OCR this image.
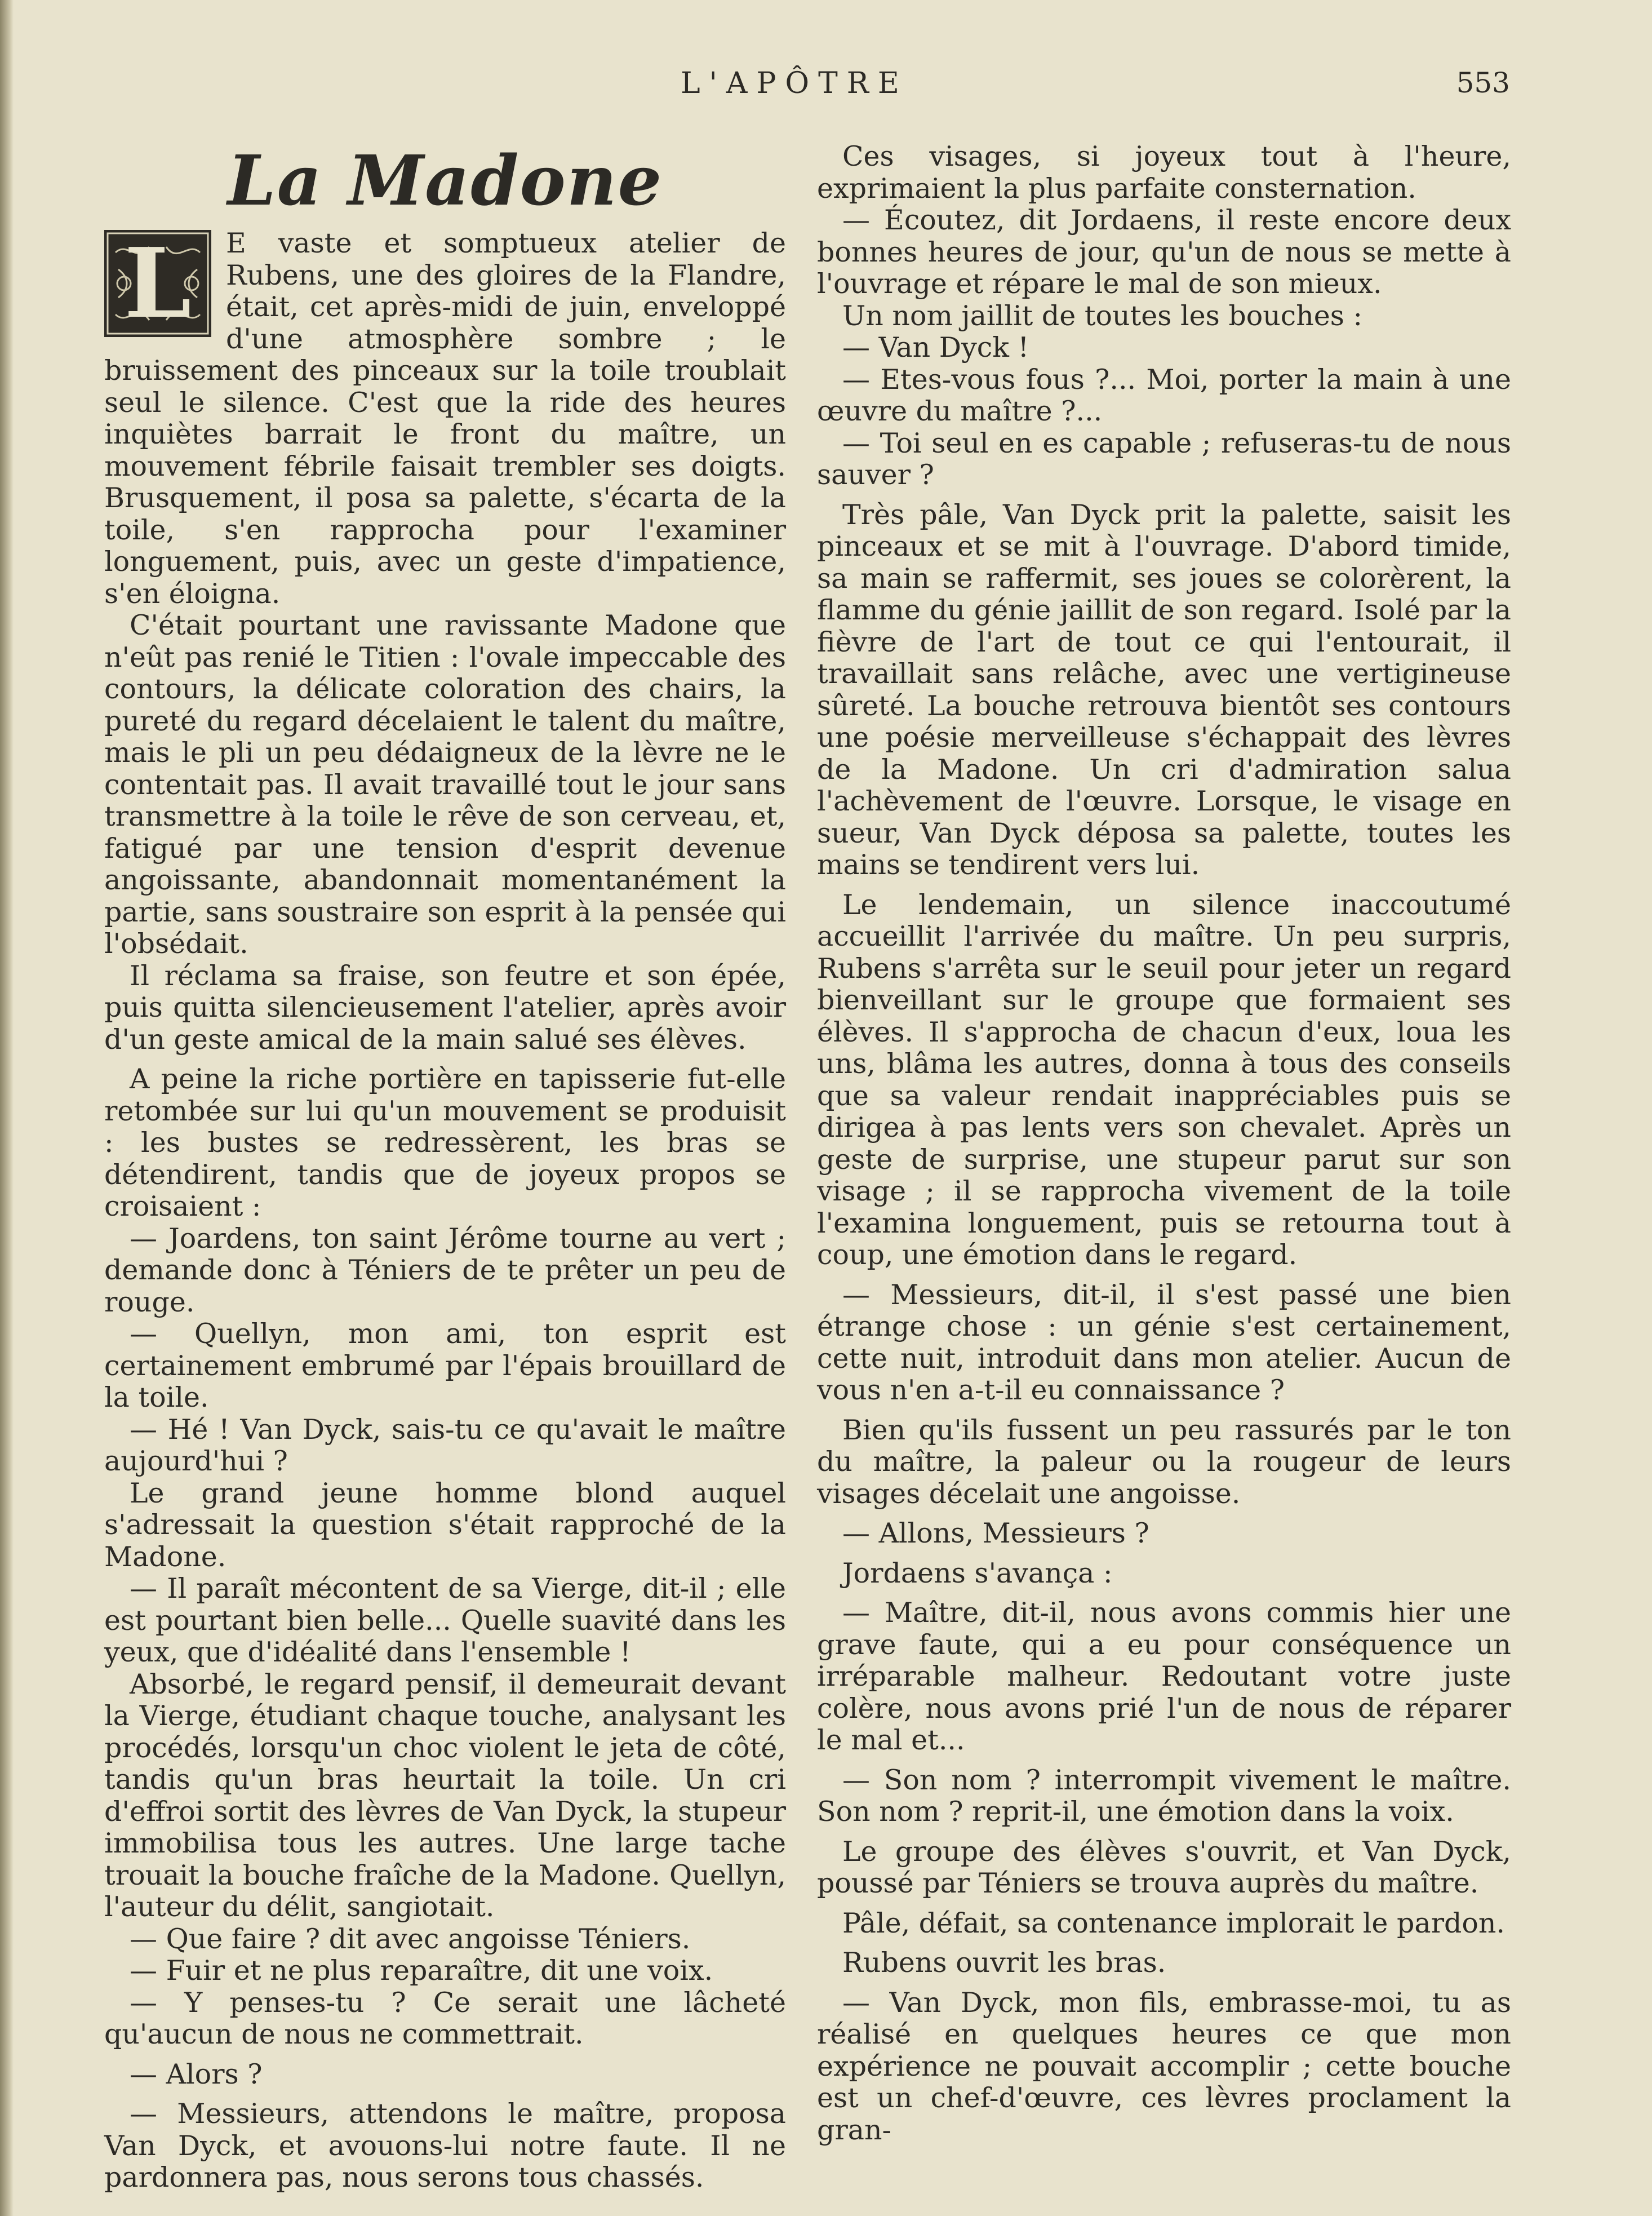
L'APÔTRE	553
La Madone

L E vaste et somptueux atelier de Rubens, une des gloires de la Flandre, était, cet après-midi de juin, enveloppé d'une atmosphère sombre ; le bruissement des pinceaux sur la toile troublait seul le silence. C'est que la ride des heures inquiètes barrait le front du maître, un mouvement fébrile faisait trembler ses doigts. Brusquement, il posa sa palette, s'écarta de la toile, s'en rapprocha pour l'examiner longuement, puis, avec un geste d'impatience, s'en éloigna.

C'était pourtant une ravissante Madone que n'eût pas renié le Titien : l'ovale impeccable des contours, la délicate coloration des chairs, la pureté du regard décelaient le talent du maître, mais le pli un peu dédaigneux de la lèvre ne le contentait pas. Il avait travaillé tout le jour sans transmettre à la toile le rêve de son cerveau, et, fatigué par une tension d'esprit devenue angoissante, abandonnait momentanément la partie, sans soustraire son esprit à la pensée qui l'obsédait.

Il réclama sa fraise, son feutre et son épée, puis quitta silencieusement l'atelier, après avoir d'un geste amical de la main salué ses élèves.

A peine la riche portière en tapisserie fut-elle retombée sur lui qu'un mouvement se produisit : les bustes se redressèrent, les bras se détendirent, tandis que de joyeux propos se croisaient :

— Joardens, ton saint Jérôme tourne au vert ; demande donc à Téniers de te prêter un peu de rouge.

— Quellyn, mon ami, ton esprit est certainement embrumé par l'épais brouillard de la toile.

— Hé ! Van Dyck, sais-tu ce qu'avait le maître aujourd'hui ?

Le grand jeune homme blond auquel s'adressait la question s'était rapproché de la Madone.

— Il paraît mécontent de sa Vierge, dit-il ; elle est pourtant bien belle... Quelle suavité dans les yeux, que d'idéalité dans l'ensemble !

Absorbé, le regard pensif, il demeurait devant la Vierge, étudiant chaque touche, analysant les procédés, lorsqu'un choc violent le jeta de côté, tandis qu'un bras heurtait la toile. Un cri d'effroi sortit des lèvres de Van Dyck, la stupeur immobilisa tous les autres. Une large tache trouait la bouche fraîche de la Madone. Quellyn, l'auteur du délit, sangiotait.

— Que faire ? dit avec angoisse Téniers.

— Fuir et ne plus reparaître, dit une voix.

— Y penses-tu ? Ce serait une lâcheté qu'aucun de nous ne commettrait.

— Alors ?

— Messieurs, attendons le maître, proposa Van Dyck, et avouons-lui notre faute. Il ne pardonnera pas, nous serons tous chassés.

Ces visages, si joyeux tout à l'heure, exprimaient la plus parfaite consternation.

— Écoutez, dit Jordaens, il reste encore deux bonnes heures de jour, qu'un de nous se mette à l'ouvrage et répare le mal de son mieux.

Un nom jaillit de toutes les bouches :

— Van Dyck !

— Etes-vous fous ?... Moi, porter la main à une œuvre du maître ?...

— Toi seul en es capable ; refuseras-tu de nous sauver ?

Très pâle, Van Dyck prit la palette, saisit les pinceaux et se mit à l'ouvrage. D'abord timide, sa main se raffermit, ses joues se colorèrent, la flamme du génie jaillit de son regard. Isolé par la fièvre de l'art de tout ce qui l'entourait, il travaillait sans relâche, avec une vertigineuse sûreté. La bouche retrouva bientôt ses contours une poésie merveilleuse s'échappait des lèvres de la Madone. Un cri d'admiration salua l'achèvement de l'œuvre. Lorsque, le visage en sueur, Van Dyck déposa sa palette, toutes les mains se tendirent vers lui.

Le lendemain, un silence inaccoutumé accueillit l'arrivée du maître. Un peu surpris, Rubens s'arrêta sur le seuil pour jeter un regard bienveillant sur le groupe que formaient ses élèves. Il s'approcha de chacun d'eux, loua les uns, blâma les autres, donna à tous des conseils que sa valeur rendait inappréciables puis se dirigea à pas lents vers son chevalet. Après un geste de surprise, une stupeur parut sur son visage ; il se rapprocha vivement de la toile l'examina longuement, puis se retourna tout à coup, une émotion dans le regard.

— Messieurs, dit-il, il s'est passé une bien étrange chose : un génie s'est certainement, cette nuit, introduit dans mon atelier. Aucun de vous n'en a-t-il eu connaissance ?

Bien qu'ils fussent un peu rassurés par le ton du maître, la paleur ou la rougeur de leurs visages décelait une angoisse.

— Allons, Messieurs ?

Jordaens s'avança :

— Maître, dit-il, nous avons commis hier une grave faute, qui a eu pour conséquence un irréparable malheur. Redoutant votre juste colère, nous avons prié l'un de nous de réparer le mal et...

— Son nom ? interrompit vivement le maître. Son nom ? reprit-il, une émotion dans la voix.

Le groupe des élèves s'ouvrit, et Van Dyck, poussé par Téniers se trouva auprès du maître.

Pâle, défait, sa contenance implorait le pardon.

Rubens ouvrit les bras.

— Van Dyck, mon fils, embrasse-moi, tu as réalisé en quelques heures ce que mon expérience ne pouvait accomplir ; cette bouche est un chef-d'œuvre, ces lèvres proclament la gran-
